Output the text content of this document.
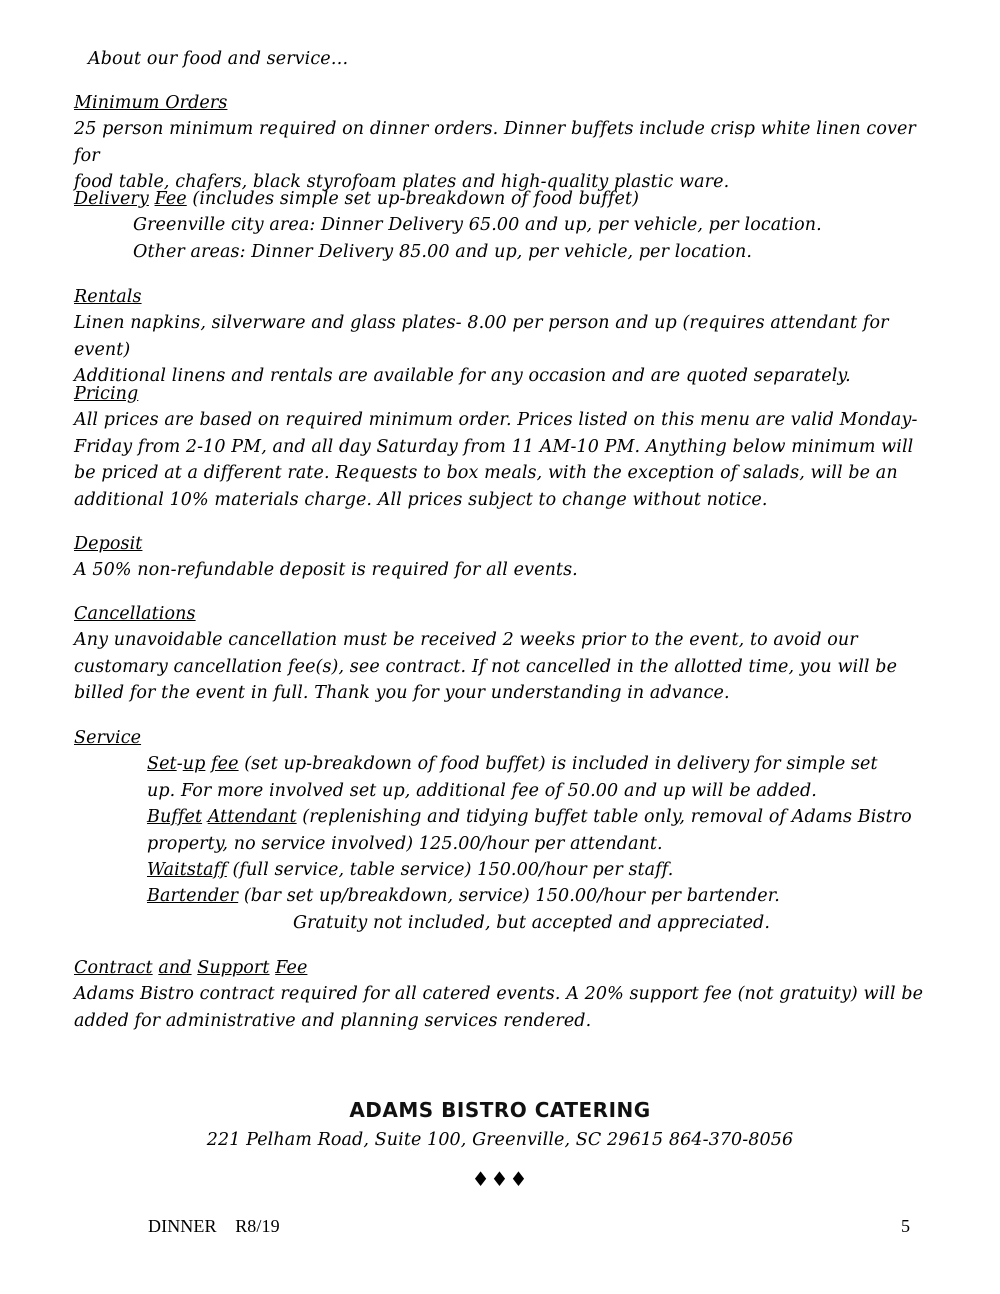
About our food and service…

Minimum Orders

25 person minimum required on dinner orders. Dinner buffets include crisp white linen cover for

food table, chafers, black styrofoam plates and high-quality plastic ware.

Delivery Fee (includes simple set up-breakdown of food buffet)

Greenville city area: Dinner Delivery 65.00 and up, per vehicle, per location.

Other areas: Dinner Delivery 85.00 and up, per vehicle, per location.

Rentals

Linen napkins, silverware and glass plates- 8.00 per person and up (requires attendant for event)

Additional linens and rentals are available for any occasion and are quoted separately.

Pricing

All prices are based on required minimum order. Prices listed on this menu are valid Monday-

Friday from 2-10 PM, and all day Saturday from 11 AM-10 PM. Anything below minimum will

be priced at a different rate. Requests to box meals, with the exception of salads, will be an

additional 10% materials charge. All prices subject to change without notice.

Deposit

A 50% non-refundable deposit is required for all events.

Cancellations

Any unavoidable cancellation must be received 2 weeks prior to the event, to avoid our

customary cancellation fee(s), see contract. If not cancelled in the allotted time, you will be

billed for the event in full. Thank you for your understanding in advance.

Service

Set-up fee (set up-breakdown of food buffet) is included in delivery for simple set

up. For more involved set up, additional fee of 50.00 and up will be added.

Buffet Attendant (replenishing and tidying buffet table only, removal of Adams Bistro

property, no service involved) 125.00/hour per attendant.

Waitstaff (full service, table service) 150.00/hour per staff.

Bartender (bar set up/breakdown, service) 150.00/hour per bartender.

Gratuity not included, but accepted and appreciated.

Contract and Support Fee

Adams Bistro contract required for all catered events. A 20% support fee (not gratuity) will be

added for administrative and planning services rendered.

ADAMS BISTRO CATERING
221 Pelham Road, Suite 100, Greenville, SC 29615 864-370-8056
♦♦♦
DINNER R8/19	5
